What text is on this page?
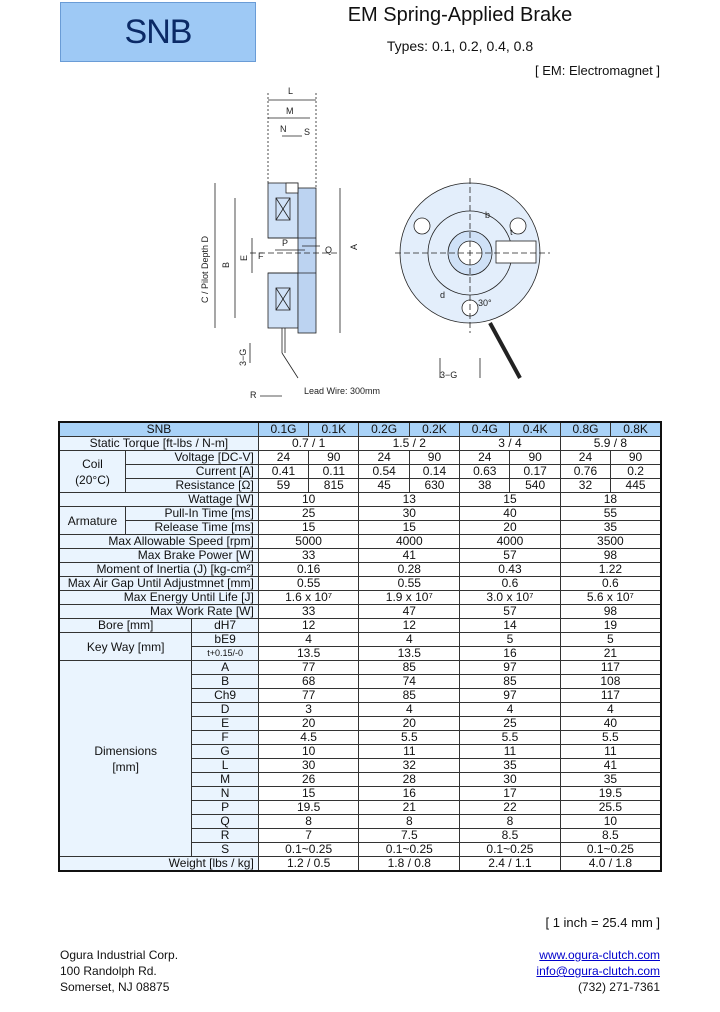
SNB	EM Spring-Applied Brake
Types: 0.1, 0.2, 0.4, 0.8
[ EM: Electromagnet ]
L
M
N S
C / Pilot Depth D B
E F
P
Q A
3−G
R	Lead Wire: 300mm
b
t
d
30°
3−G
SNB			0.1G	0.1K	0.2G	0.2K	0.4G	0.4K	0.8G	0.8K
Static Torque [ft-lbs / N-m]			0.7 / 1		1.5 / 2		3 / 4		5.9 / 8	
Coil
(20°C)	Voltage [DC-V]		24	90	24	90	24	90	24	90
	Current [A]		0.41	0.11	0.54	0.14	0.63	0.17	0.76	0.2
	Resistance [Ω]		59	815	45	630	38	540	32	445
Wattage [W]			10		13		15		18	
Armature	Pull-In Time [ms]		25		30		40		55	
	Release Time [ms]		15		15		20		35	
Max Allowable Speed [rpm]			5000		4000		4000		3500	
Max Brake Power [W]			33		41		57		98	
Moment of Inertia (J) [kg-cm²]			0.16		0.28		0.43		1.22	
Max Air Gap Until Adjustmnet [mm]			0.55		0.55		0.6		0.6	
Max Energy Until Life [J]			1.6 x 10⁷		1.9 x 10⁷		3.0 x 10⁷		5.6 x 10⁷	
Max Work Rate [W]			33		47		57		98	
Bore [mm]		dH7	12		12		14		19	
Key Way [mm]		bE9	4		4		5		5	
		t+0.15/-0	13.5		13.5		16		21	
Dimensions
[mm]		A	77		85		97		117	
		B	68		74		85		108	
		Ch9	77		85		97		117	
		D	3		4		4		4	
		E	20		20		25		40	
		F	4.5		5.5		5.5		5.5	
		G	10		11		11		11	
		L	30		32		35		41	
		M	26		28		30		35	
		N	15		16		17		19.5	
		P	19.5		21		22		25.5	
		Q	8		8		8		10	
		R	7		7.5		8.5		8.5	
		S	0.1~0.25		0.1~0.25		0.1~0.25		0.1~0.25	
Weight [lbs / kg]			1.2 / 0.5		1.8 / 0.8		2.4 / 1.1		4.0 / 1.8	
[ 1 inch = 25.4 mm ]
Ogura Industrial Corp.
100 Randolph Rd.
Somerset, NJ 08875
www.ogura-clutch.com
info@ogura-clutch.com
(732) 271-7361
